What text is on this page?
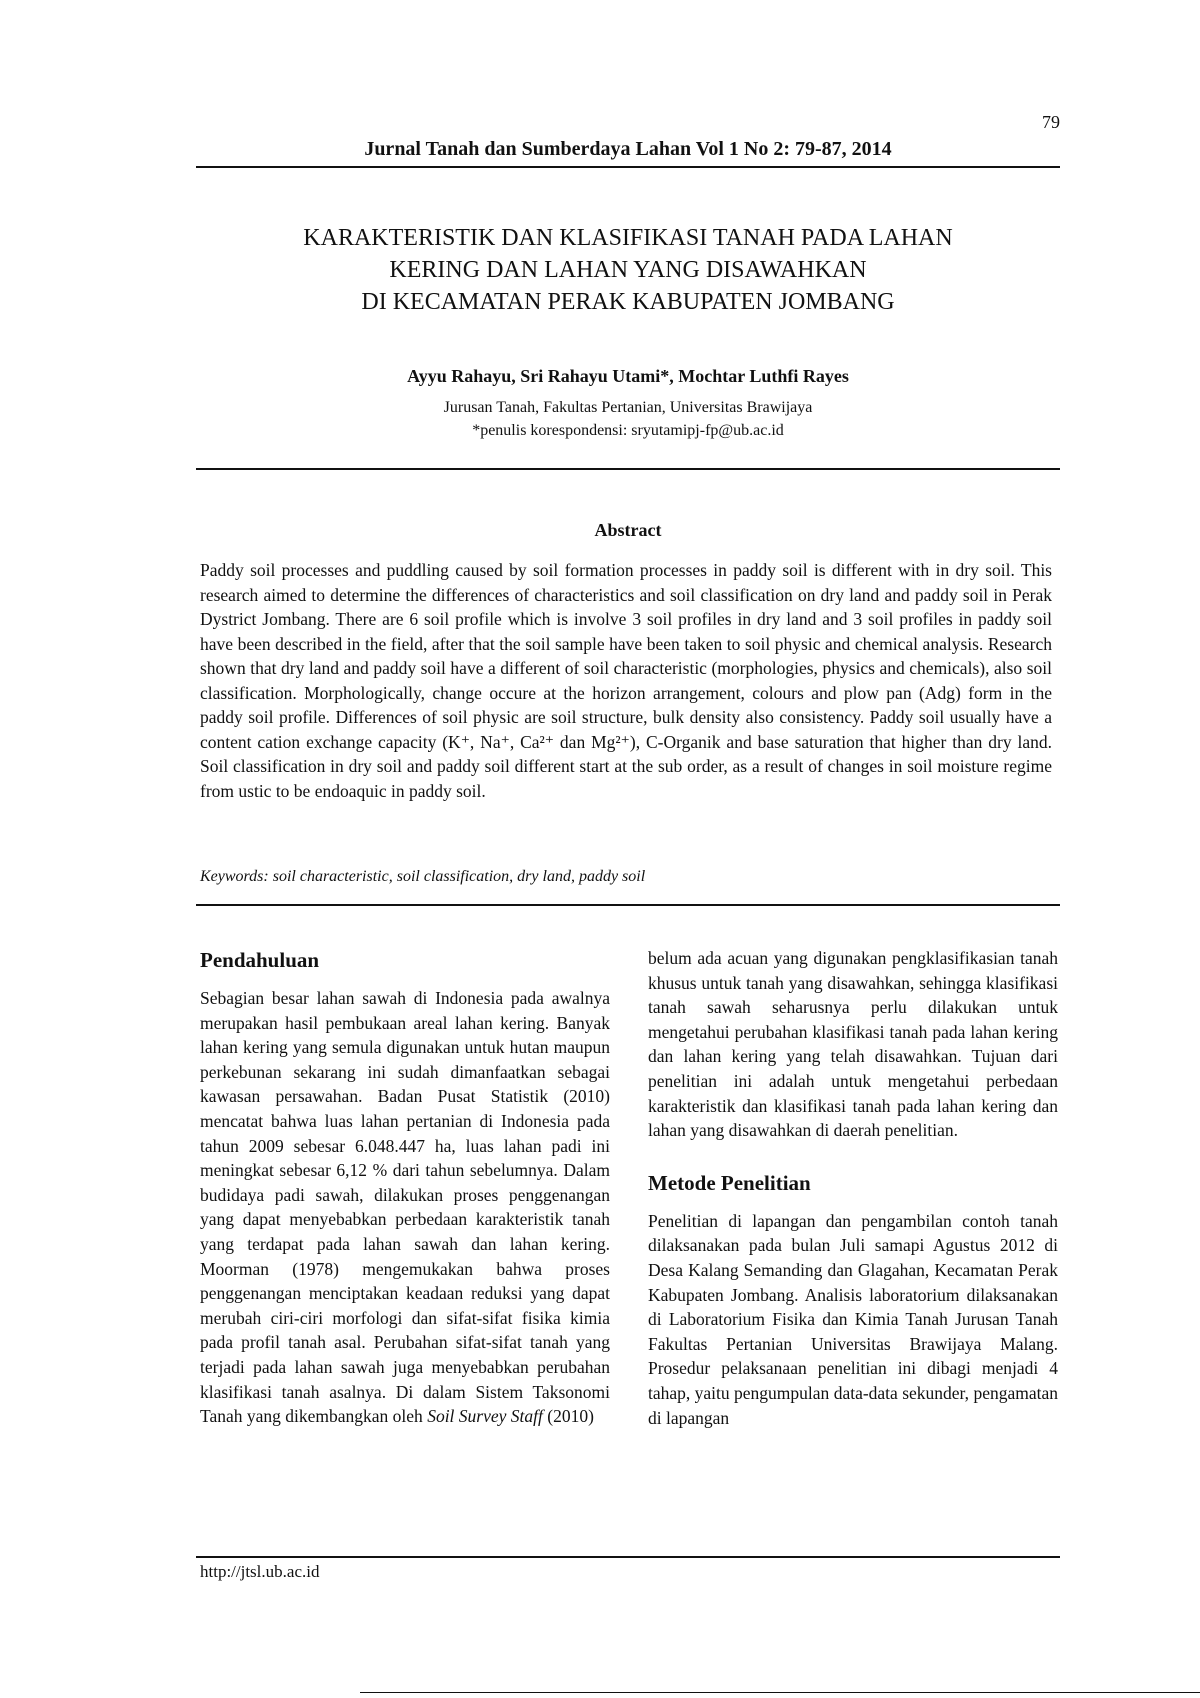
79
Jurnal Tanah dan Sumberdaya Lahan Vol 1 No 2: 79-87, 2014
KARAKTERISTIK DAN KLASIFIKASI TANAH PADA LAHAN
KERING DAN LAHAN YANG DISAWAHKAN
DI KECAMATAN PERAK KABUPATEN JOMBANG
Ayyu Rahayu, Sri Rahayu Utami*, Mochtar Luthfi Rayes
Jurusan Tanah, Fakultas Pertanian, Universitas Brawijaya
*penulis korespondensi: sryutamipj-fp@ub.ac.id
Abstract
Paddy soil processes and puddling caused by soil formation processes in paddy soil is different with in dry soil. This research aimed to determine the differences of characteristics and soil classification on dry land and paddy soil in Perak Dystrict Jombang. There are 6 soil profile which is involve 3 soil profiles in dry land and 3 soil profiles in paddy soil have been described in the field, after that the soil sample have been taken to soil physic and chemical analysis. Research shown that dry land and paddy soil have a different of soil characteristic (morphologies, physics and chemicals), also soil classification. Morphologically, change occure at the horizon arrangement, colours and plow pan (Adg) form in the paddy soil profile. Differences of soil physic are soil structure, bulk density also consistency. Paddy soil usually have a content cation exchange capacity (K⁺, Na⁺, Ca²⁺ dan Mg²⁺), C-Organik and base saturation that higher than dry land. Soil classification in dry soil and paddy soil different start at the sub order, as a result of changes in soil moisture regime from ustic to be endoaquic in paddy soil.
Keywords: soil characteristic, soil classification, dry land, paddy soil
Pendahuluan

Sebagian besar lahan sawah di Indonesia pada awalnya merupakan hasil pembukaan areal lahan kering. Banyak lahan kering yang semula digunakan untuk hutan maupun perkebunan sekarang ini sudah dimanfaatkan sebagai kawasan persawahan. Badan Pusat Statistik (2010) mencatat bahwa luas lahan pertanian di Indonesia pada tahun 2009 sebesar 6.048.447 ha, luas lahan padi ini meningkat sebesar 6,12 % dari tahun sebelumnya. Dalam budidaya padi sawah, dilakukan proses penggenangan yang dapat menyebabkan perbedaan karakteristik tanah yang terdapat pada lahan sawah dan lahan kering. Moorman (1978) mengemukakan bahwa proses penggenangan menciptakan keadaan reduksi yang dapat merubah ciri-ciri morfologi dan sifat-sifat fisika kimia pada profil tanah asal. Perubahan sifat-sifat tanah yang terjadi pada lahan sawah juga menyebabkan perubahan klasifikasi tanah asalnya. Di dalam Sistem Taksonomi Tanah yang dikembangkan oleh Soil Survey Staff (2010)

belum ada acuan yang digunakan pengklasifikasian tanah khusus untuk tanah yang disawahkan, sehingga klasifikasi tanah sawah seharusnya perlu dilakukan untuk mengetahui perubahan klasifikasi tanah pada lahan kering dan lahan kering yang telah disawahkan. Tujuan dari penelitian ini adalah untuk mengetahui perbedaan karakteristik dan klasifikasi tanah pada lahan kering dan lahan yang disawahkan di daerah penelitian.

Metode Penelitian

Penelitian di lapangan dan pengambilan contoh tanah dilaksanakan pada bulan Juli samapi Agustus 2012 di Desa Kalang Semanding dan Glagahan, Kecamatan Perak Kabupaten Jombang. Analisis laboratorium dilaksanakan di Laboratorium Fisika dan Kimia Tanah Jurusan Tanah Fakultas Pertanian Universitas Brawijaya Malang. Prosedur pelaksanaan penelitian ini dibagi menjadi 4 tahap, yaitu pengumpulan data-data sekunder, pengamatan di lapangan

http://jtsl.ub.ac.id
